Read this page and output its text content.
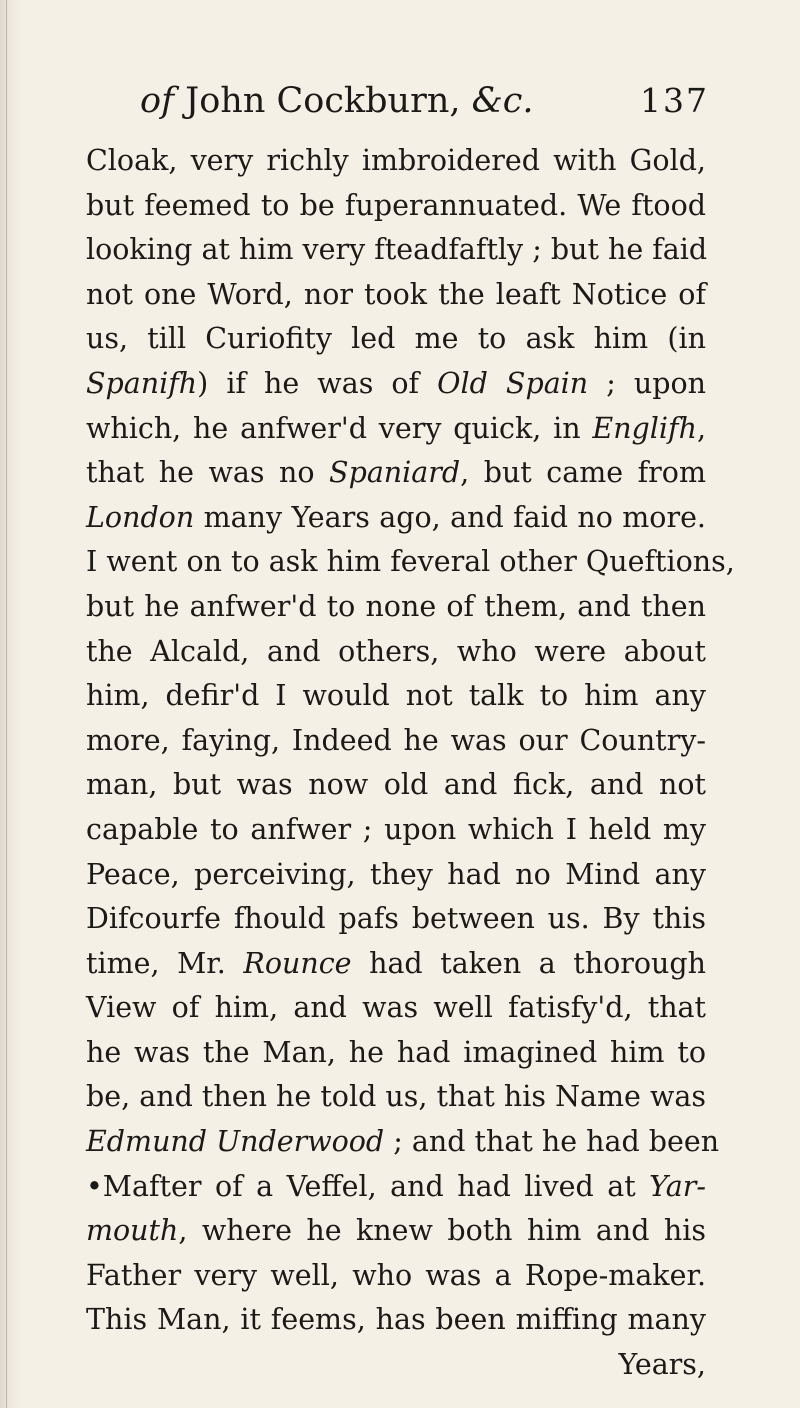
of John Cockburn, &c.	137
Cloak, very richly imbroidered with Gold,
but feemed to be fuperannuated. We ftood
looking at him very fteadfaftly ; but he faid
not one Word, nor took the leaft Notice of
us, till Curiofity led me to ask him (in
Spanifh) if he was of Old Spain ; upon
which, he anfwer'd very quick, in Englifh,
that he was no Spaniard, but came from
London many Years ago, and faid no more.
I went on to ask him feveral other Queftions,
but he anfwer'd to none of them, and then
the Alcald, and others, who were about
him, defir'd I would not talk to him any
more, faying, Indeed he was our Country-
man, but was now old and fick, and not
capable to anfwer ; upon which I held my
Peace, perceiving, they had no Mind any
Difcourfe fhould pafs between us. By this
time, Mr. Rounce had taken a thorough
View of him, and was well fatisfy'd, that
he was the Man, he had imagined him to
be, and then he told us, that his Name was
Edmund Underwood ; and that he had been
•Mafter of a Veffel, and had lived at Yar-
mouth, where he knew both him and his
Father very well, who was a Rope-maker.
This Man, it feems, has been miffing many
Years,
